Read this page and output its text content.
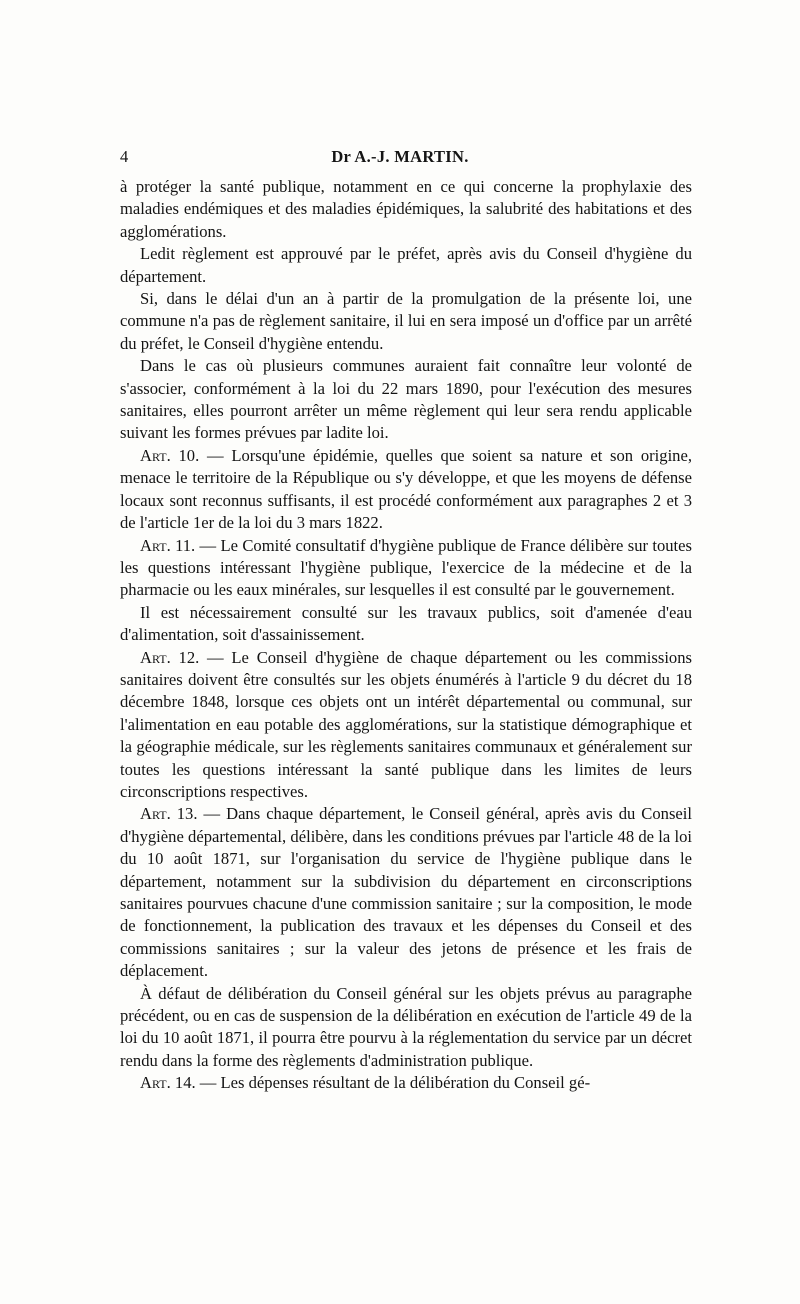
4	Dr A.-J. MARTIN.

à protéger la santé publique, notamment en ce qui concerne la prophylaxie des maladies endémiques et des maladies épidémiques, la salubrité des habitations et des agglomérations.

Ledit règlement est approuvé par le préfet, après avis du Conseil d'hygiène du département.

Si, dans le délai d'un an à partir de la promulgation de la présente loi, une commune n'a pas de règlement sanitaire, il lui en sera imposé un d'office par un arrêté du préfet, le Conseil d'hygiène entendu.

Dans le cas où plusieurs communes auraient fait connaître leur volonté de s'associer, conformément à la loi du 22 mars 1890, pour l'exécution des mesures sanitaires, elles pourront arrêter un même règlement qui leur sera rendu applicable suivant les formes prévues par ladite loi.

Art. 10. — Lorsqu'une épidémie, quelles que soient sa nature et son origine, menace le territoire de la République ou s'y développe, et que les moyens de défense locaux sont reconnus suffisants, il est procédé conformément aux paragraphes 2 et 3 de l'article 1er de la loi du 3 mars 1822.

Art. 11. — Le Comité consultatif d'hygiène publique de France délibère sur toutes les questions intéressant l'hygiène publique, l'exercice de la médecine et de la pharmacie ou les eaux minérales, sur lesquelles il est consulté par le gouvernement.

Il est nécessairement consulté sur les travaux publics, soit d'amenée d'eau d'alimentation, soit d'assainissement.

Art. 12. — Le Conseil d'hygiène de chaque département ou les commissions sanitaires doivent être consultés sur les objets énumérés à l'article 9 du décret du 18 décembre 1848, lorsque ces objets ont un intérêt départemental ou communal, sur l'alimentation en eau potable des agglomérations, sur la statistique démographique et la géographie médicale, sur les règlements sanitaires communaux et généralement sur toutes les questions intéressant la santé publique dans les limites de leurs circonscriptions respectives.

Art. 13. — Dans chaque département, le Conseil général, après avis du Conseil d'hygiène départemental, délibère, dans les conditions prévues par l'article 48 de la loi du 10 août 1871, sur l'organisation du service de l'hygiène publique dans le département, notamment sur la subdivision du département en circonscriptions sanitaires pourvues chacune d'une commission sanitaire ; sur la composition, le mode de fonctionnement, la publication des travaux et les dépenses du Conseil et des commissions sanitaires ; sur la valeur des jetons de présence et les frais de déplacement.

À défaut de délibération du Conseil général sur les objets prévus au paragraphe précédent, ou en cas de suspension de la délibération en exécution de l'article 49 de la loi du 10 août 1871, il pourra être pourvu à la réglementation du service par un décret rendu dans la forme des règlements d'administration publique.

Art. 14. — Les dépenses résultant de la délibération du Conseil gé-
